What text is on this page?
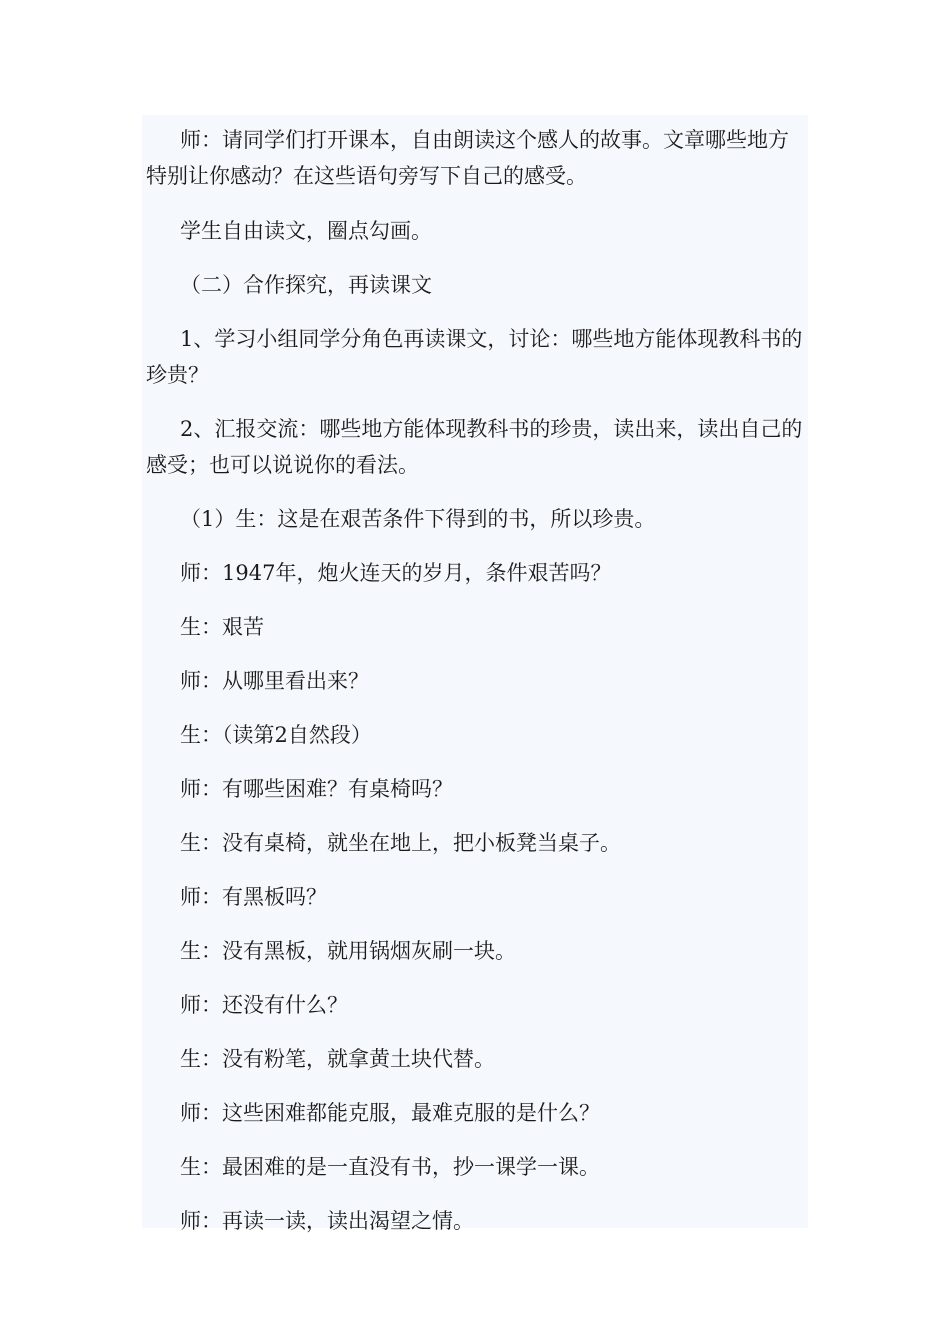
师：请同学们打开课本，自由朗读这个感人的故事。文章哪些地方特别让你感动？在这些语句旁写下自己的感受。

学生自由读文，圈点勾画。

（二）合作探究，再读课文

1、学习小组同学分角色再读课文，讨论：哪些地方能体现教科书的珍贵？

2、汇报交流：哪些地方能体现教科书的珍贵，读出来，读出自己的感受；也可以说说你的看法。

（1）生：这是在艰苦条件下得到的书，所以珍贵。

师：1947年，炮火连天的岁月，条件艰苦吗？

生：艰苦

师：从哪里看出来？

生：（读第2自然段）

师：有哪些困难？有桌椅吗？

生：没有桌椅，就坐在地上，把小板凳当桌子。

师：有黑板吗？

生：没有黑板，就用锅烟灰刷一块。

师：还没有什么？

生：没有粉笔，就拿黄土块代替。

师：这些困难都能克服，最难克服的是什么？

生：最困难的是一直没有书，抄一课学一课。

师：再读一读，读出渴望之情。
